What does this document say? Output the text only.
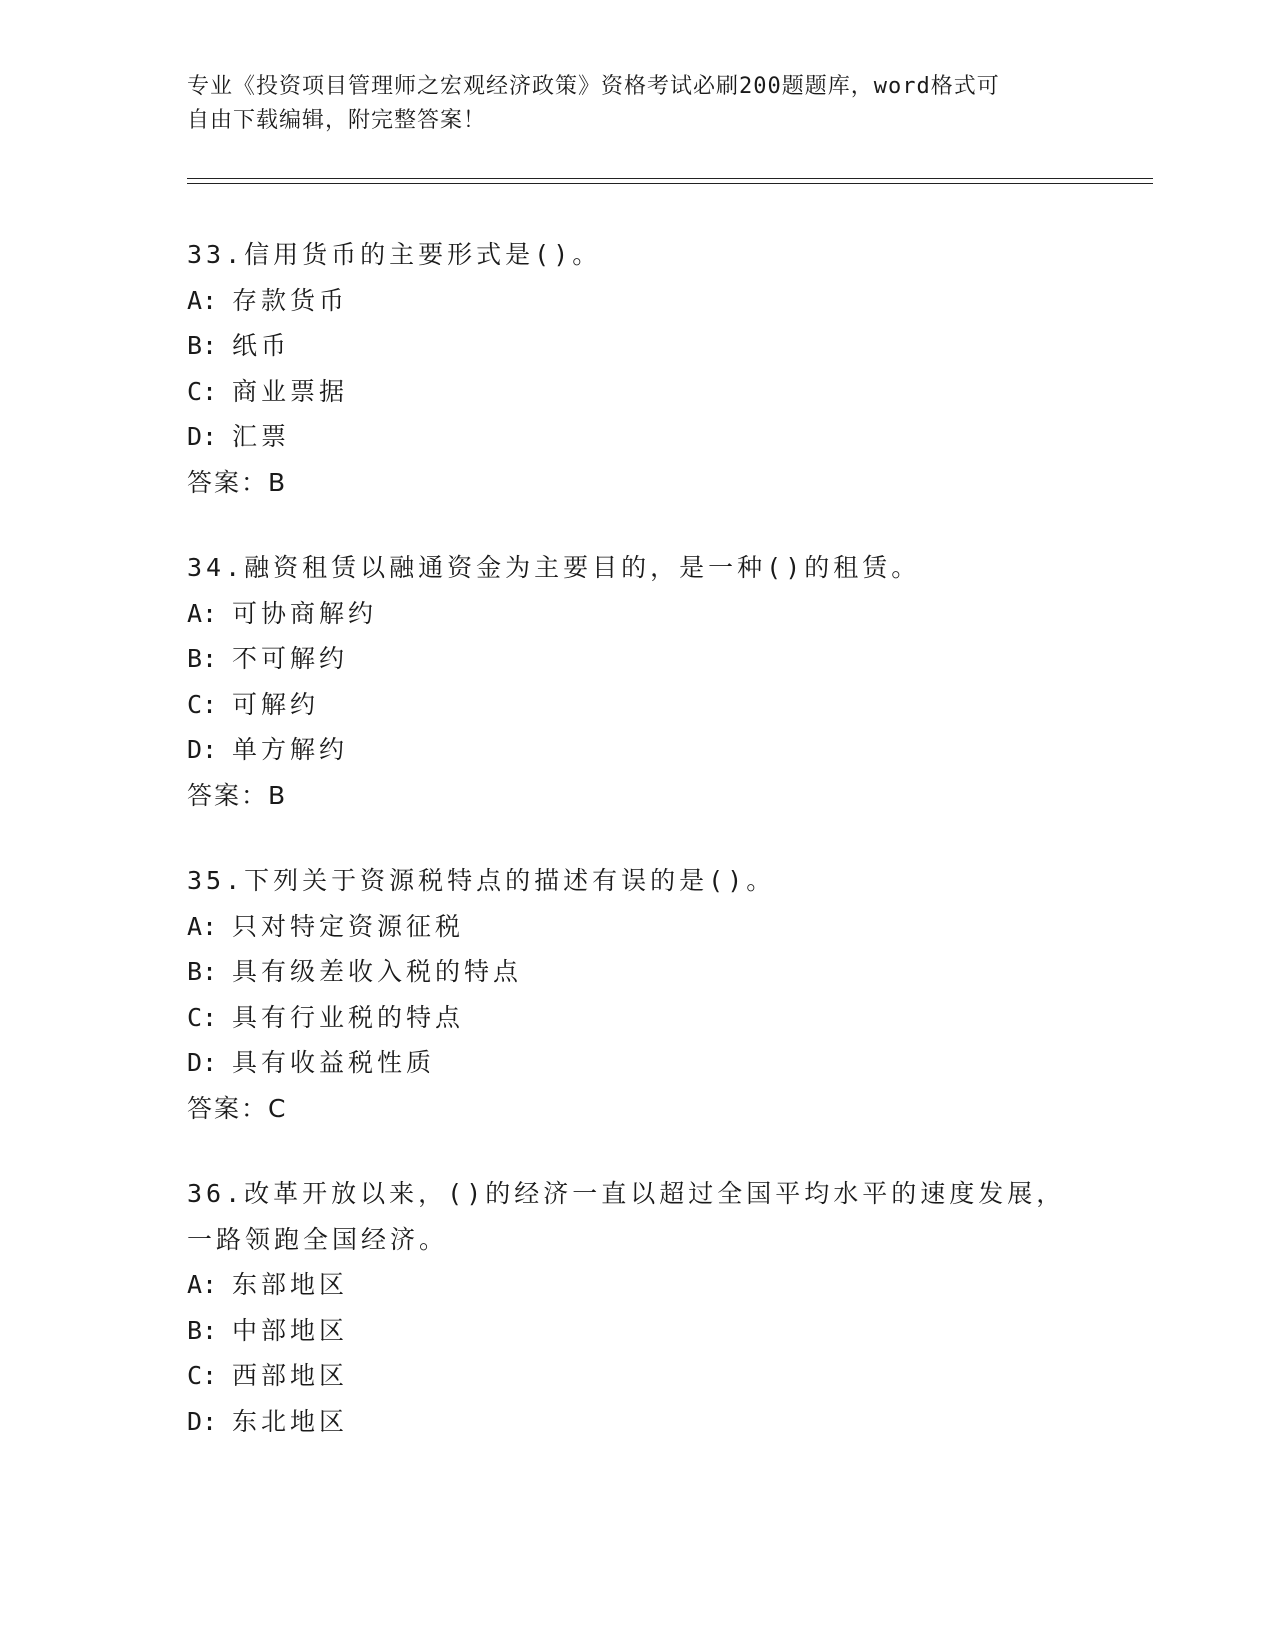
专业《投资项目管理师之宏观经济政策》资格考试必刷200题题库，word格式可
自由下载编辑，附完整答案！
33.信用货币的主要形式是()。
A: 存款货币
B: 纸币
C: 商业票据
D: 汇票
答案：B
34.融资租赁以融通资金为主要目的，是一种()的租赁。
A: 可协商解约
B: 不可解约
C: 可解约
D: 单方解约
答案：B
35.下列关于资源税特点的描述有误的是()。
A: 只对特定资源征税
B: 具有级差收入税的特点
C: 具有行业税的特点
D: 具有收益税性质
答案：C
36.改革开放以来，()的经济一直以超过全国平均水平的速度发展，一路领跑全国经济。
A: 东部地区
B: 中部地区
C: 西部地区
D: 东北地区
